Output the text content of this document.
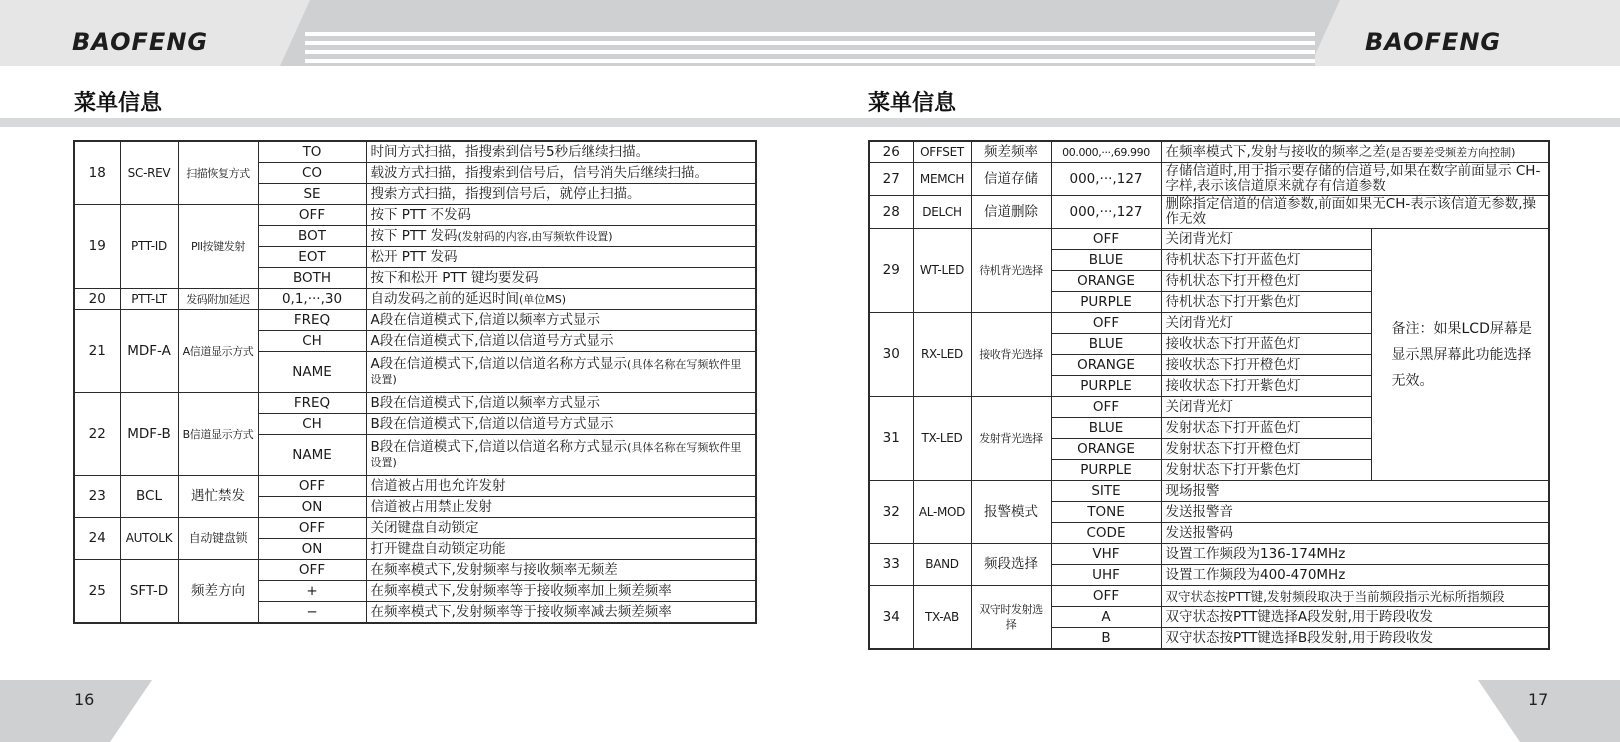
BAOFENG	BAOFENG
菜单信息	菜单信息
16	17
18	SC-REV	扫描恢复方式	TO	时间方式扫描，指搜索到信号5秒后继续扫描。
			CO	载波方式扫描，指搜索到信号后，信号消失后继续扫描。
			SE	搜索方式扫描，指搜到信号后，就停止扫描。
19	PTT-ID	Pll按键发射	OFF	按下 PTT 不发码
			BOT	按下 PTT 发码(发射码的内容,由写频软件设置)
			EOT	松开 PTT 发码
			BOTH	按下和松开 PTT 键均要发码
20	PTT-LT	发码附加延迟	0,1,···,30	自动发码之前的延迟时间(单位MS)
21	MDF-A	A信道显示方式	FREQ	A段在信道模式下,信道以频率方式显示
			CH	A段在信道模式下,信道以信道号方式显示
			NAME	A段在信道模式下,信道以信道名称方式显示(具体名称在写频软件里设置)
22	MDF-B	B信道显示方式	FREQ	B段在信道模式下,信道以频率方式显示
			CH	B段在信道模式下,信道以信道号方式显示
			NAME	B段在信道模式下,信道以信道名称方式显示(具体名称在写频软件里设置)
23	BCL	遇忙禁发	OFF	信道被占用也允许发射
			ON	信道被占用禁止发射
24	AUTOLK	自动键盘锁	OFF	关闭键盘自动锁定
			ON	打开键盘自动锁定功能
25	SFT-D	频差方向	OFF	在频率模式下,发射频率与接收频率无频差
			+	在频率模式下,发射频率等于接收频率加上频差频率
			−	在频率模式下,发射频率等于接收频率减去频差频率
26	OFFSET	频差频率	00.000,···,69.990	在频率模式下,发射与接收的频率之差(是否要差受频差方向控制)	
27	MEMCH	信道存储	000,···,127	存储信道时,用于指示要存储的信道号,如果在数字前面显示 CH- 字样,表示该信道原来就存有信道参数	
28	DELCH	信道删除	000,···,127	删除指定信道的信道参数,前面如果无CH-表示该信道无参数,操作无效	
29	WT-LED	待机背光选择	OFF	关闭背光灯	备注：如果LCD屏幕是显示黑屏幕此功能选择无效。
			BLUE	待机状态下打开蓝色灯	
			ORANGE	待机状态下打开橙色灯	
			PURPLE	待机状态下打开紫色灯	
30	RX-LED	接收背光选择	OFF	关闭背光灯	
			BLUE	接收状态下打开蓝色灯	
			ORANGE	接收状态下打开橙色灯	
			PURPLE	接收状态下打开紫色灯	
31	TX-LED	发射背光选择	OFF	关闭背光灯	
			BLUE	发射状态下打开蓝色灯	
			ORANGE	发射状态下打开橙色灯	
			PURPLE	发射状态下打开紫色灯	
32	AL-MOD	报警模式	SITE	现场报警	
			TONE	发送报警音	
			CODE	发送报警码	
33	BAND	频段选择	VHF	设置工作频段为136-174MHz	
			UHF	设置工作频段为400-470MHz	
34	TX-AB	双守时发射选择	OFF	双守状态按PTT键,发射频段取决于当前频段指示光标所指频段	
			A	双守状态按PTT键选择A段发射,用于跨段收发	
			B	双守状态按PTT键选择B段发射,用于跨段收发	
